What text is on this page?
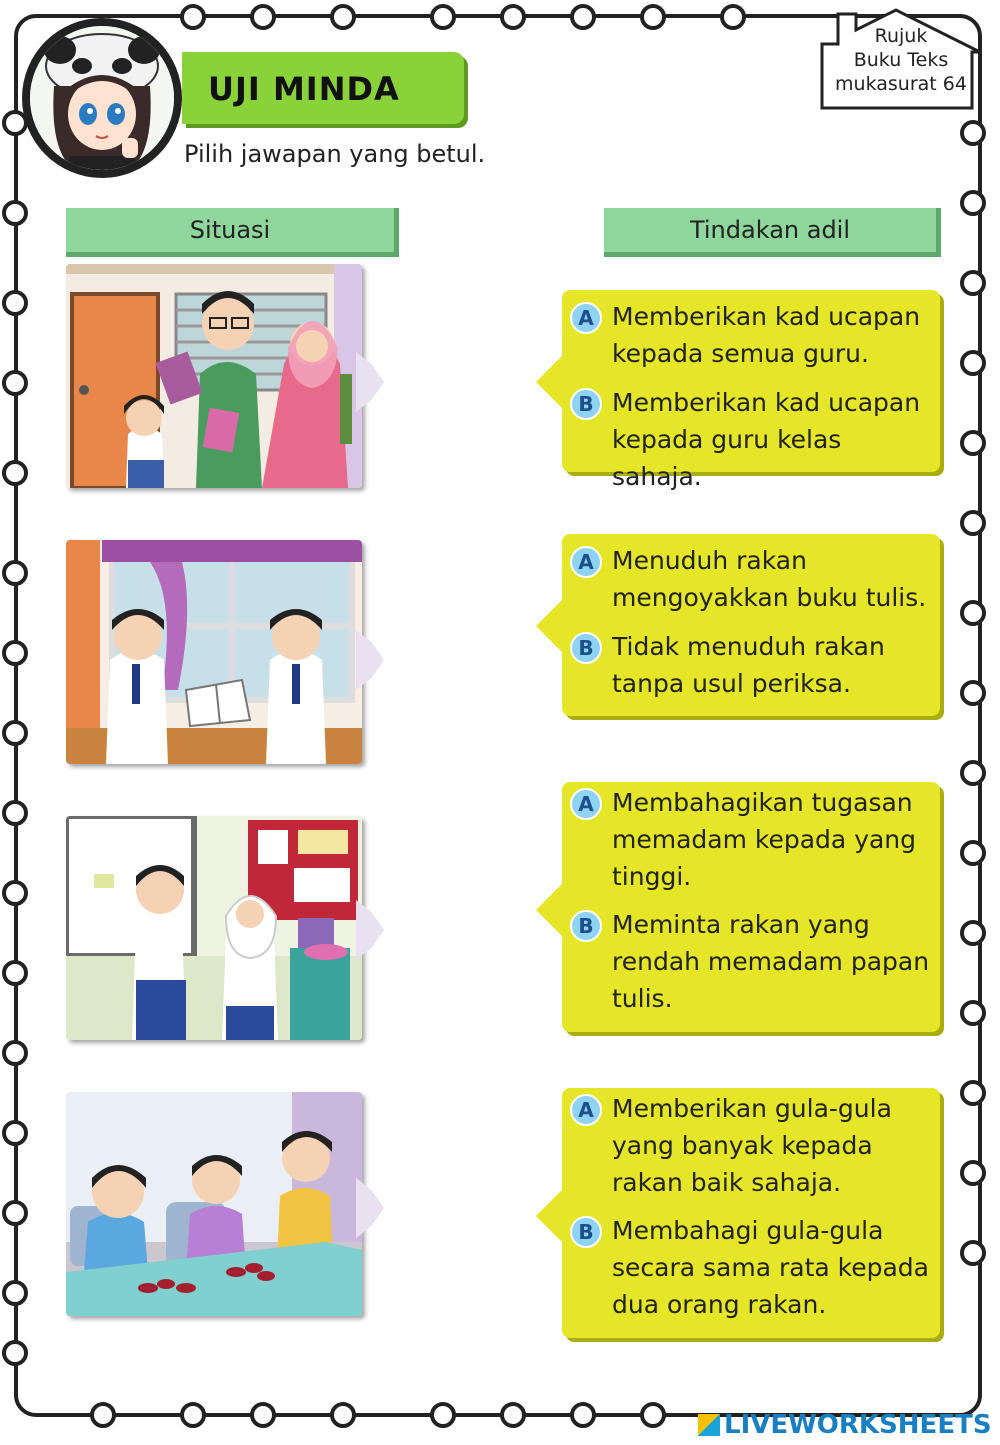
UJI MINDA
Pilih jawapan yang betul.
Rujuk
Buku Teks
mukasurat 64
Situasi	Tindakan adil
A Memberikan kad ucapan
kepada semua guru.
B Memberikan kad ucapan
kepada guru kelas sahaja.
A Menuduh rakan
mengoyakkan buku tulis.
B Tidak menuduh rakan
tanpa usul periksa.
A Membahagikan tugasan
memadam kepada yang
tinggi.
B Meminta rakan yang
rendah memadam papan
tulis.
A Memberikan gula-gula
yang banyak kepada
rakan baik sahaja.
B Membahagi gula-gula
secara sama rata kepada
dua orang rakan.
LIVEWORKSHEETS
